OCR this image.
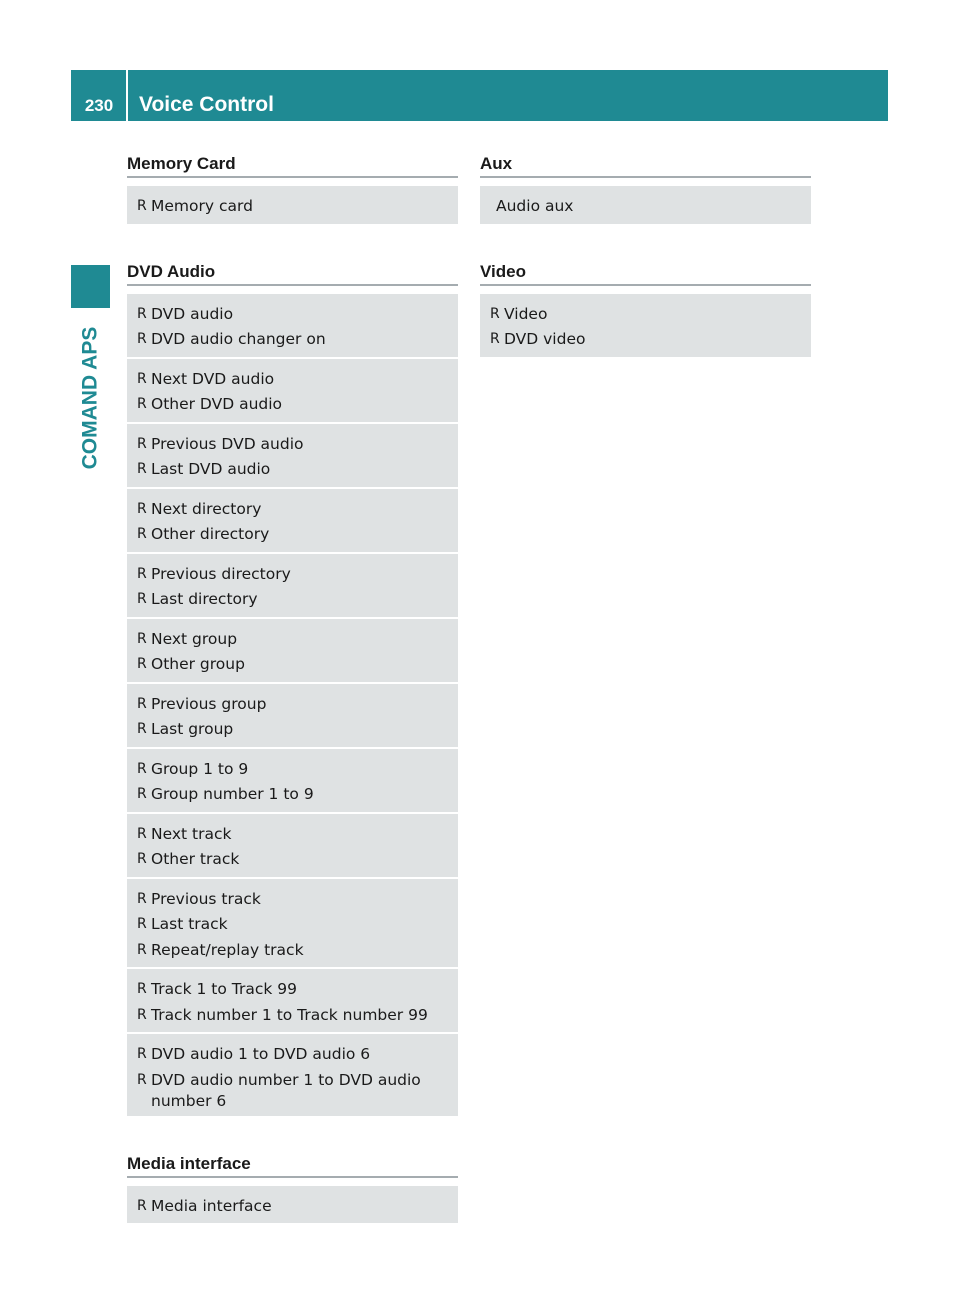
230	Voice Control
COMAND APS
Memory Card
R Memory card
DVD Audio
R DVD audio
R DVD audio changer on
R Next DVD audio
R Other DVD audio
R Previous DVD audio
R Last DVD audio
R Next directory
R Other directory
R Previous directory
R Last directory
R Next group
R Other group
R Previous group
R Last group
R Group 1 to 9
R Group number 1 to 9
R Next track
R Other track
R Previous track
R Last track
R Repeat/replay track
R Track 1 to Track 99
R Track number 1 to Track number 99
R DVD audio 1 to DVD audio 6
R DVD audio number 1 to DVD audio number 6
Media interface
R Media interface
Aux
Audio aux
Video
R Video
R DVD video
